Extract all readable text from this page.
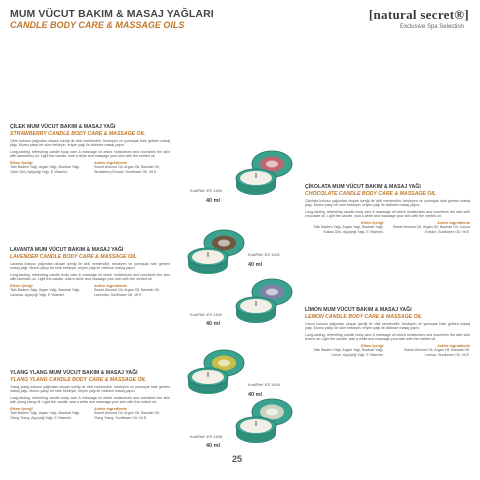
MUM VÜCUT BAKIM & MASAJ YAĞLARI
CANDLE BODY CARE & MASSAGE OILS
[natural secret®]
Exclusive Spa Selection
ÇİLEK MUM VÜCUT BAKIM & MASAJ YAĞI
STRAWBERRY CANDLE BODY CARE & MASSAGE OIL
Çilek kokusu yağından oluşan içeriği ile cildi nemlendirir, besleyen ve yumuşak hale getiren masaj yağı. Mumu yakıp bir süre bekleyin, eriyen yağı ile cildinize masaj yapın.
Long-lasting, refreshing candle body care & massage oil which moisturises and nourishes the skin with strawberry oil. Light the candle, wait a while and massage your skin with the melted oil.
Etken İçeriği
Tatlı Badem Yağı, Argan Yağı, Baobab Yağı, Çilek Özü, Ayçiçeği Yağı, E Vitamini.
Active Ingredients
Sweet Almond Oil, Argan Oil, Baobab Oil, Strawberry Extract, Sunflower Oil, Vit E.
Kod/Ref: ES 1400
40 ml
LAVANTA MUM VÜCUT BAKIM & MASAJ YAĞI
LAVENDER CANDLE BODY CARE & MASSAGE OIL
Lavanta kokusu yağından oluşan içeriği ile cildi nemlendirir, besleyen ve yumuşak hale getiren masaj yağı. Mumu yakıp bir süre bekleyin, eriyen yağı ile cildinize masaj yapın.
Long-lasting, refreshing candle body care & massage oil which moisturises and nourishes the skin with lavender oil. Light the candle, wait a while and massage your skin with the melted oil.
Etken İçeriği
Tatlı Badem Yağı, Argan Yağı, Baobab Yağı, Lavanta, Ayçiçeği Yağı, E Vitamini.
Active Ingredients
Sweet Almond Oil, Argan Oil, Baobab Oil, Lavender, Sunflower Oil, Vit E.
Kod/Ref: ES 1402
40 ml
YLANG YLANG MUM VÜCUT BAKIM & MASAJ YAĞI
YLANG YLANG CANDLE BODY CARE & MASSAGE OIL
Ylang ylang kokusu yağından oluşan içeriği ile cildi nemlendirir, besleyen ve yumuşak hale getiren masaj yağı. Mumu yakıp bir süre bekleyin, eriyen yağı ile cildinize masaj yapın.
Long-lasting, refreshing candle body care & massage oil which moisturises and nourishes the skin with ylang ylang oil. Light the candle, wait a while and massage your skin with the melted oil.
Etken İçeriği
Tatlı Badem Yağı, Argan Yağı, Baobab Yağı, Ylang Ylang, Ayçiçeği Yağı, E Vitamini.
Active Ingredients
Sweet Almond Oil, Argan Oil, Baobab Oil, Ylang Ylang, Sunflower Oil, Vit E.
Kod/Ref: ES 1405
40 ml
ÇİKOLATA MUM VÜCUT BAKIM & MASAJ YAĞI
CHOCOLATE CANDLE BODY CARE & MASSAGE OIL
Çikolata kokusu yağından oluşan içeriği ile cildi nemlendirir, besleyen ve yumuşak hale getiren masaj yağı. Mumu yakıp bir süre bekleyin, eriyen yağı ile cildinize masaj yapın.
Long-lasting, refreshing candle body care & massage oil which moisturises and nourishes the skin with chocolate oil. Light the candle, wait a while and massage your skin with the melted oil.
Etken İçeriği
Tatlı Badem Yağı, Argan Yağı, Baobab Yağı, Kakao Özü, Ayçiçeği Yağı, E Vitamini.
Active Ingredients
Sweet Almond Oil, Argan Oil, Baobab Oil, Cocoa Extract, Sunflower Oil, Vit E.
Kod/Ref: ES 1401
40 ml
LİMON MUM VÜCUT BAKIM & MASAJ YAĞI
LEMON CANDLE BODY CARE & MASSAGE OIL
Limon kokusu yağından oluşan içeriği ile cildi nemlendirir, besleyen ve yumuşak hale getiren masaj yağı. Mumu yakıp bir süre bekleyin, eriyen yağı ile cildinize masaj yapın.
Long-lasting, refreshing candle body care & massage oil which moisturises and nourishes the skin with lemon oil. Light the candle, wait a while and massage your skin with the melted oil.
Etken İçeriği
Tatlı Badem Yağı, Argan Yağı, Baobab Yağı, Limon, Ayçiçeği Yağı, E Vitamini.
Active Ingredients
Sweet Almond Oil, Argan Oil, Baobab Oil, Lemon, Sunflower Oil, Vit E.
Kod/Ref: ES 1404
40 ml
25
